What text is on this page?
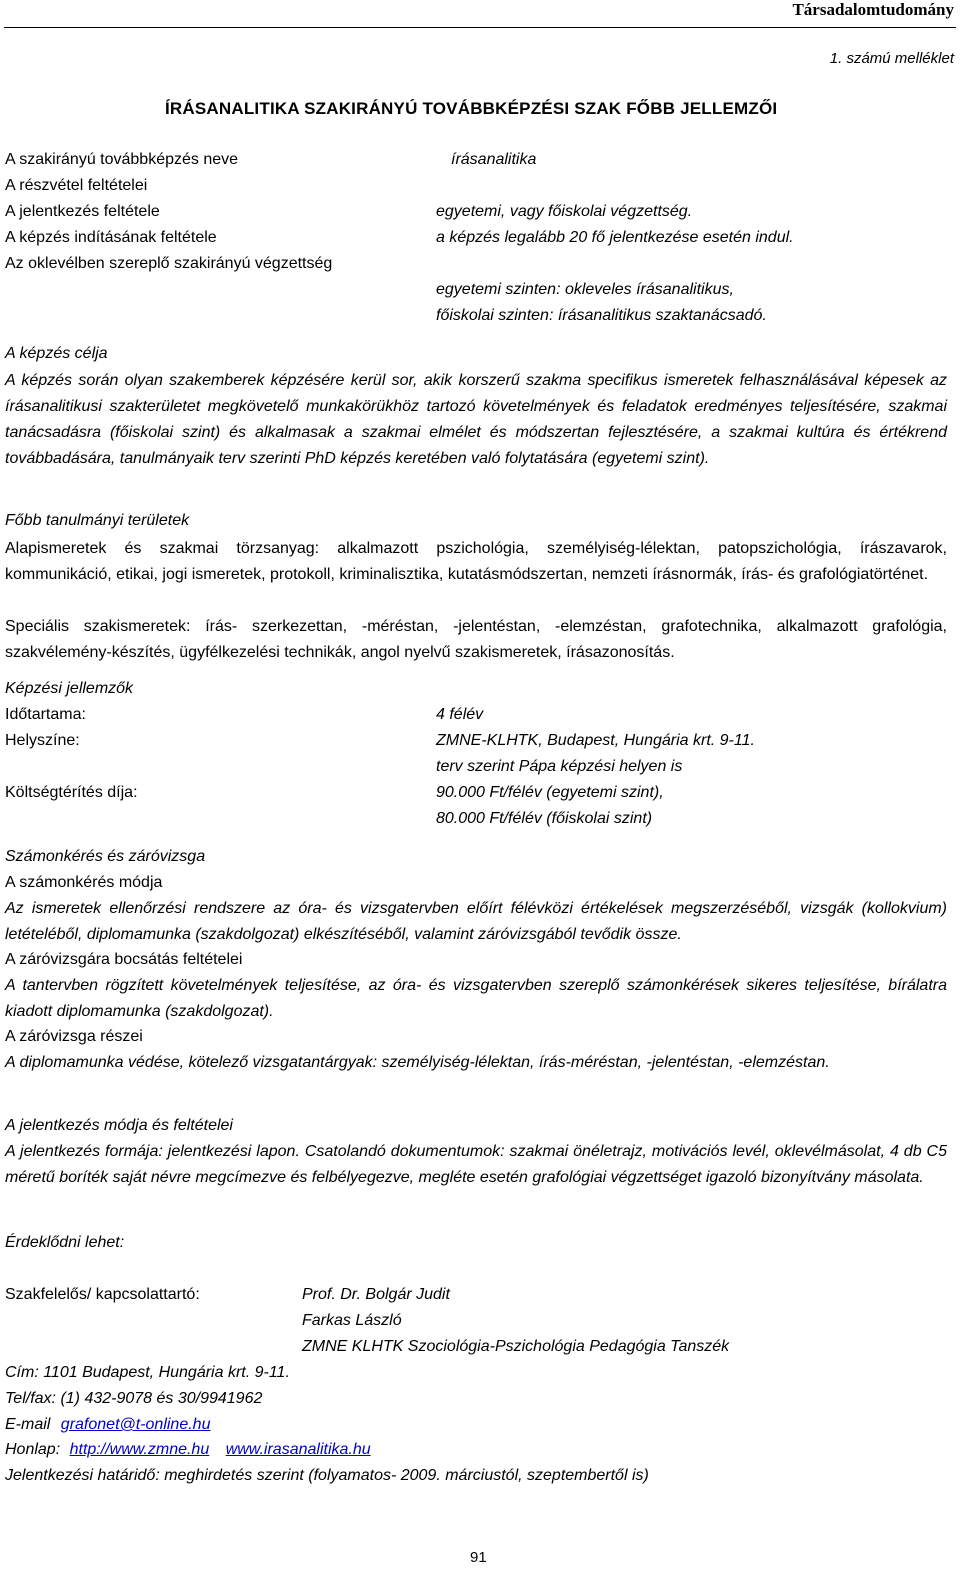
Társadalomtudomány
1. számú melléklet
ÍRÁSANALITIKA SZAKIRÁNYÚ TOVÁBBKÉPZÉSI SZAK FŐBB JELLEMZŐI
A szakirányú továbbképzés neve	írásanalitika
A részvétel feltételei
A jelentkezés feltétele	egyetemi, vagy főiskolai végzettség.
A képzés indításának feltétele	a képzés legalább 20 fő jelentkezése esetén indul.
Az oklevélben szereplő szakirányú végzettség
egyetemi szinten: okleveles írásanalitikus,
főiskolai szinten: írásanalitikus szaktanácsadó.
A képzés célja
A képzés során olyan szakemberek képzésére kerül sor, akik korszerű szakma specifikus ismeretek felhasználásával képesek az írásanalitikusi szakterületet megkövetelő munkakörükhöz tartozó követelmények és feladatok eredményes teljesítésére, szakmai tanácsadásra (főiskolai szint) és alkalmasak a szakmai elmélet és módszertan fejlesztésére, a szakmai kultúra és értékrend továbbadására, tanulmányaik terv szerinti PhD képzés keretében való folytatására (egyetemi szint).
Főbb tanulmányi területek
Alapismeretek és szakmai törzsanyag: alkalmazott pszichológia, személyiség-lélektan, patopszichológia, írászavarok, kommunikáció, etikai, jogi ismeretek, protokoll, kriminalisztika, kutatásmódszertan, nemzeti írásnormák, írás- és grafológiatörténet.
Speciális szakismeretek: írás- szerkezettan, -méréstan, -jelentéstan, -elemzéstan, grafotechnika, alkalmazott grafológia, szakvélemény-készítés, ügyfélkezelési technikák, angol nyelvű szakismeretek, írásazonosítás.
Képzési jellemzők
Időtartama:	4 félév
Helyszíne:	ZMNE-KLHTK, Budapest, Hungária krt. 9-11.
terv szerint Pápa képzési helyen is
Költségtérítés díja:	90.000 Ft/félév (egyetemi szint),
80.000 Ft/félév (főiskolai szint)
Számonkérés és záróvizsga
A számonkérés módja
Az ismeretek ellenőrzési rendszere az óra- és vizsgatervben előírt félévközi értékelések megszerzéséből, vizsgák (kollokvium) letételéből, diplomamunka (szakdolgozat) elkészítéséből, valamint záróvizsgából tevődik össze.
A záróvizsgára bocsátás feltételei
A tantervben rögzített követelmények teljesítése, az óra- és vizsgatervben szereplő számonkérések sikeres teljesítése, bírálatra kiadott diplomamunka (szakdolgozat).
A záróvizsga részei
A diplomamunka védése, kötelező vizsgatantárgyak: személyiség-lélektan, írás-méréstan, -jelentéstan, -elemzéstan.
A jelentkezés módja és feltételei
A jelentkezés formája: jelentkezési lapon. Csatolandó dokumentumok: szakmai önéletrajz, motivációs levél, oklevélmásolat, 4 db C5 méretű boríték saját névre megcímezve és felbélyegezve, megléte esetén grafológiai végzettséget igazoló bizonyítvány másolata.
Érdeklődni lehet:
Szakfelelős/ kapcsolattartó:	Prof. Dr. Bolgár Judit
Farkas László
ZMNE KLHTK Szociológia-Pszichológia Pedagógia Tanszék
Cím: 1101 Budapest, Hungária krt. 9-11.
Tel/fax: (1) 432-9078 és 30/9941962
E-mail grafonet@t-online.hu
Honlap: http://www.zmne.hu www.irasanalitika.hu
Jelentkezési határidő: meghirdetés szerint (folyamatos- 2009. márciustól, szeptembertől is)
91
